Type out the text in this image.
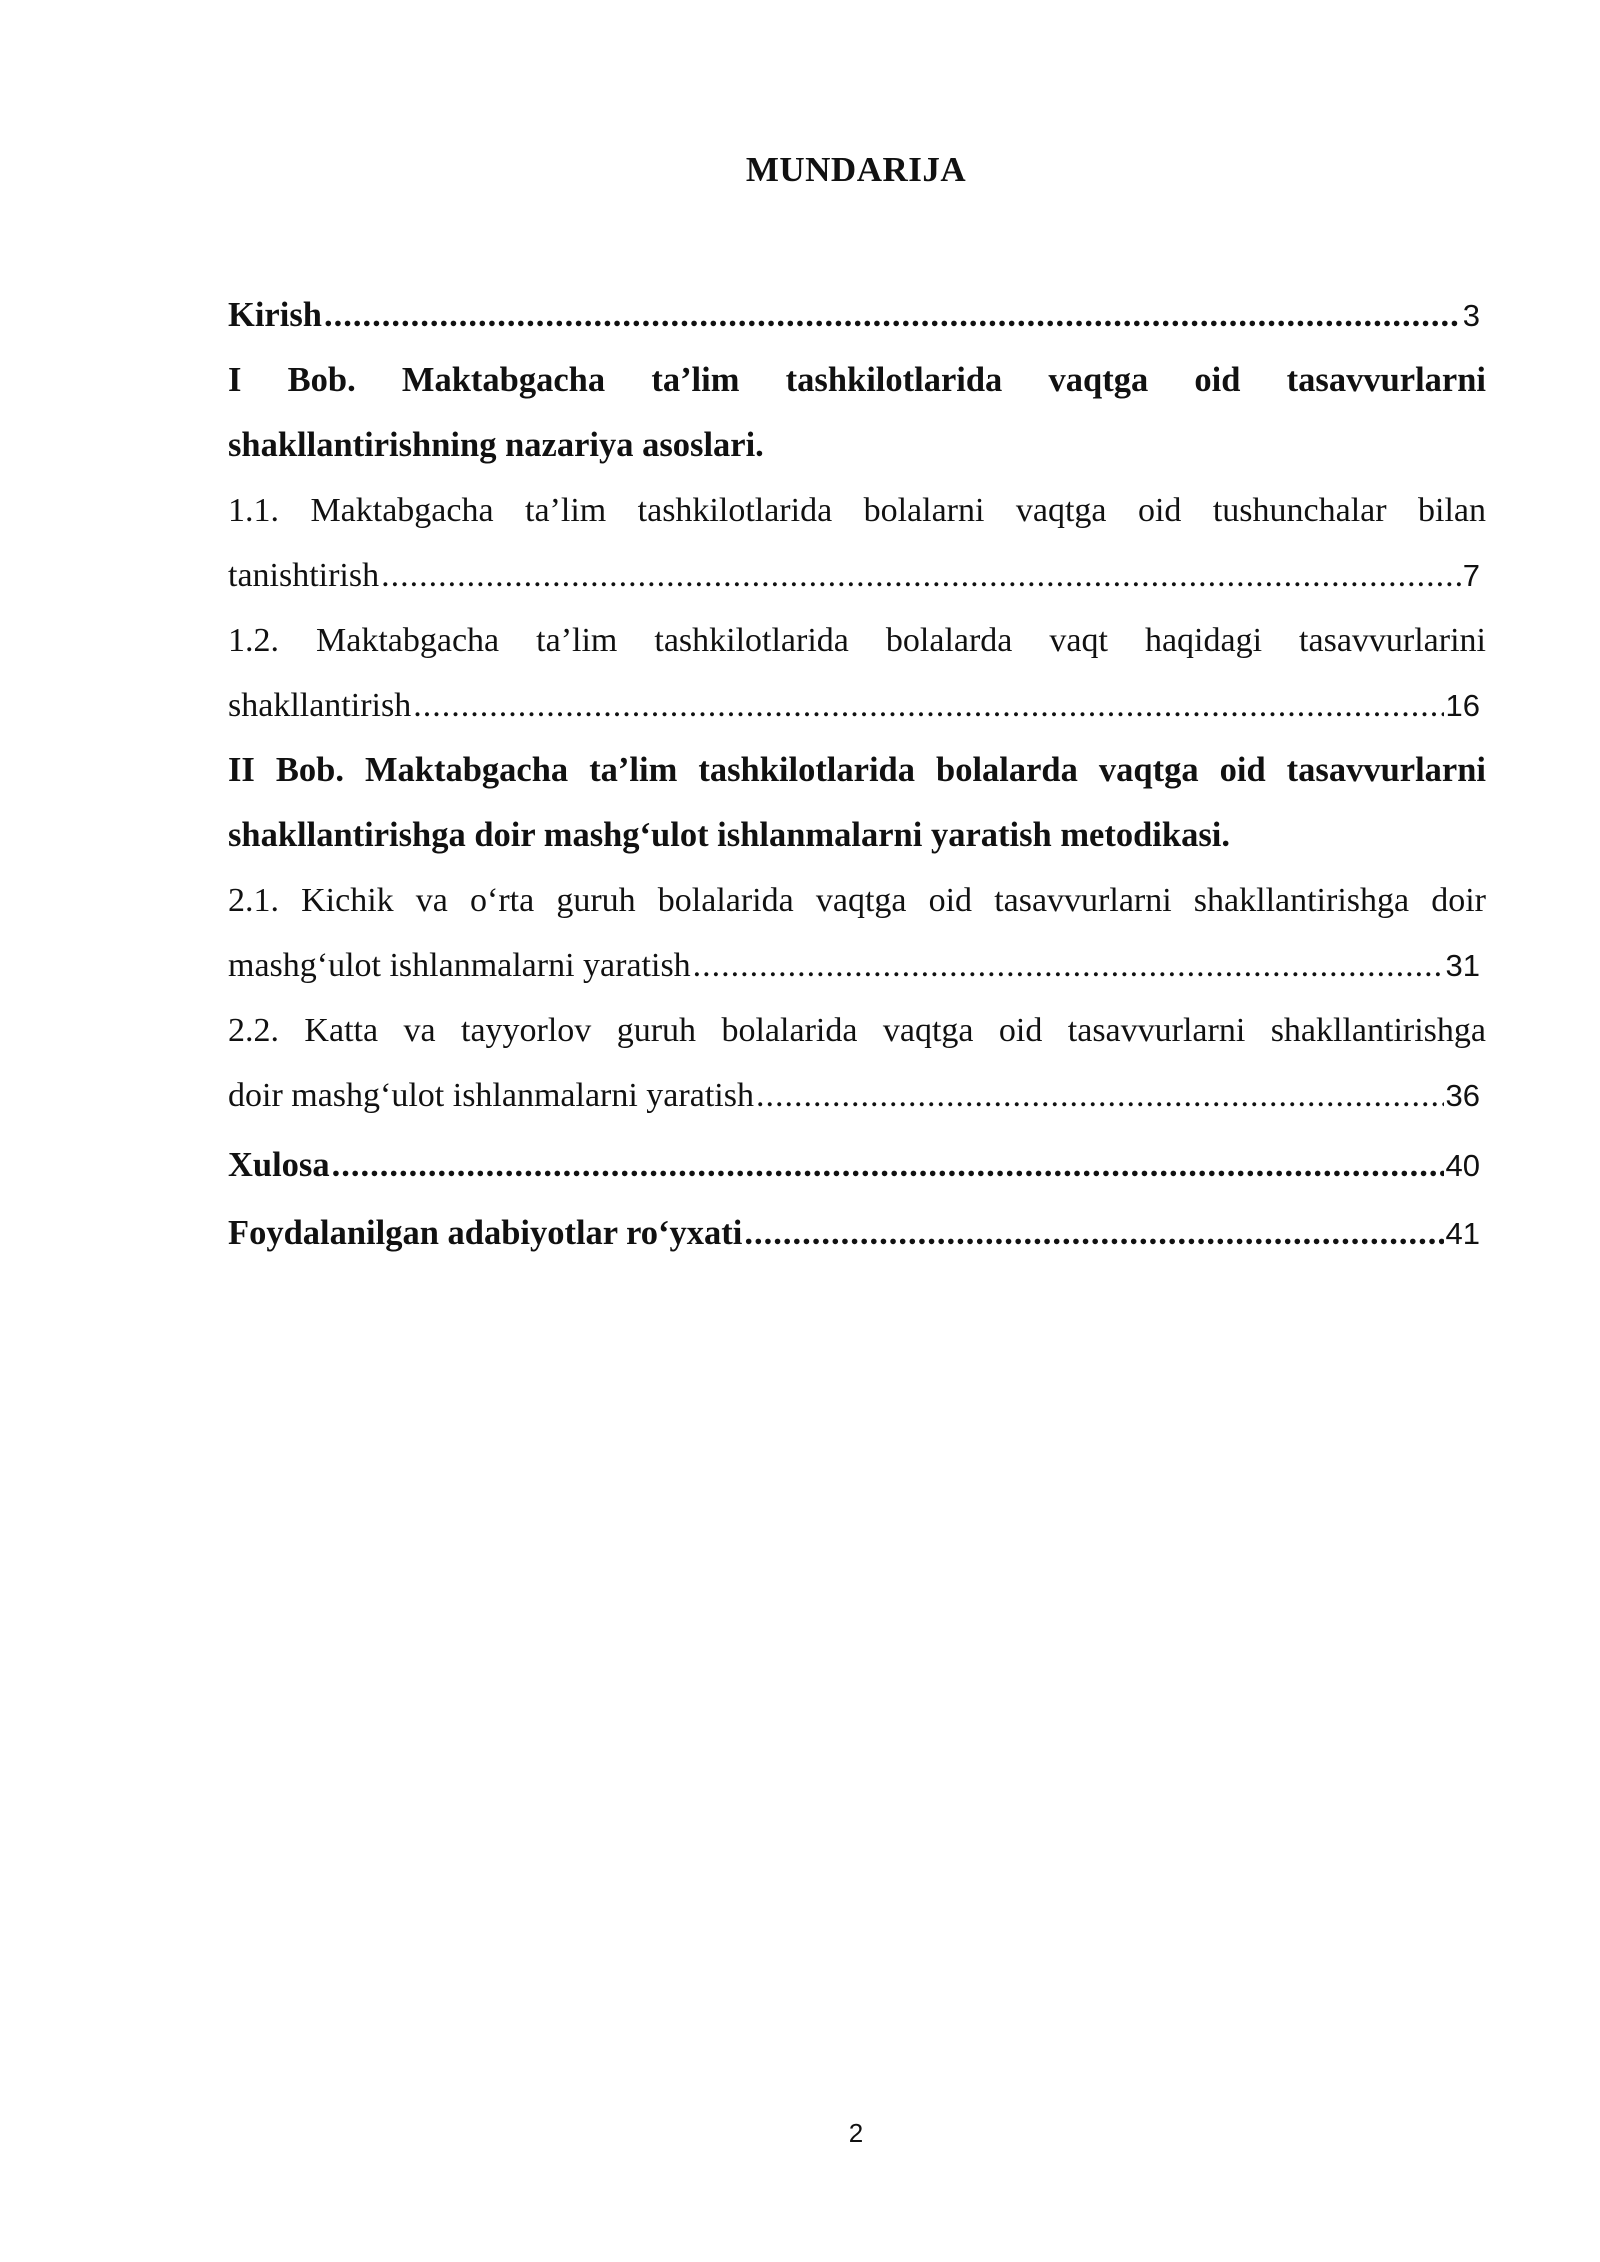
MUNDARIJA
Kirish .....	3
I Bob. Maktabgacha ta’lim tashkilotlarida vaqtga oid tasavvurlarni
shakllantirishning nazariya asoslari.
1.1. Maktabgacha ta’lim tashkilotlarida bolalarni vaqtga oid tushunchalar bilan
tanishtirish .....	7
1.2. Maktabgacha ta’lim tashkilotlarida bolalarda vaqt haqidagi tasavvurlarini
shakllantirish .....	16
II Bob. Maktabgacha ta’lim tashkilotlarida bolalarda vaqtga oid tasavvurlarni
shakllantirishga doir mashg‘ulot ishlanmalarni yaratish metodikasi.
2.1. Kichik va o‘rta guruh bolalarida vaqtga oid tasavvurlarni shakllantirishga doir
mashg‘ulot ishlanmalarni yaratish .....	31
2.2. Katta va tayyorlov guruh bolalarida vaqtga oid tasavvurlarni shakllantirishga
doir mashg‘ulot ishlanmalarni yaratish .....	36
Xulosa .....	40
Foydalanilgan adabiyotlar ro‘yxati .....	41
2
